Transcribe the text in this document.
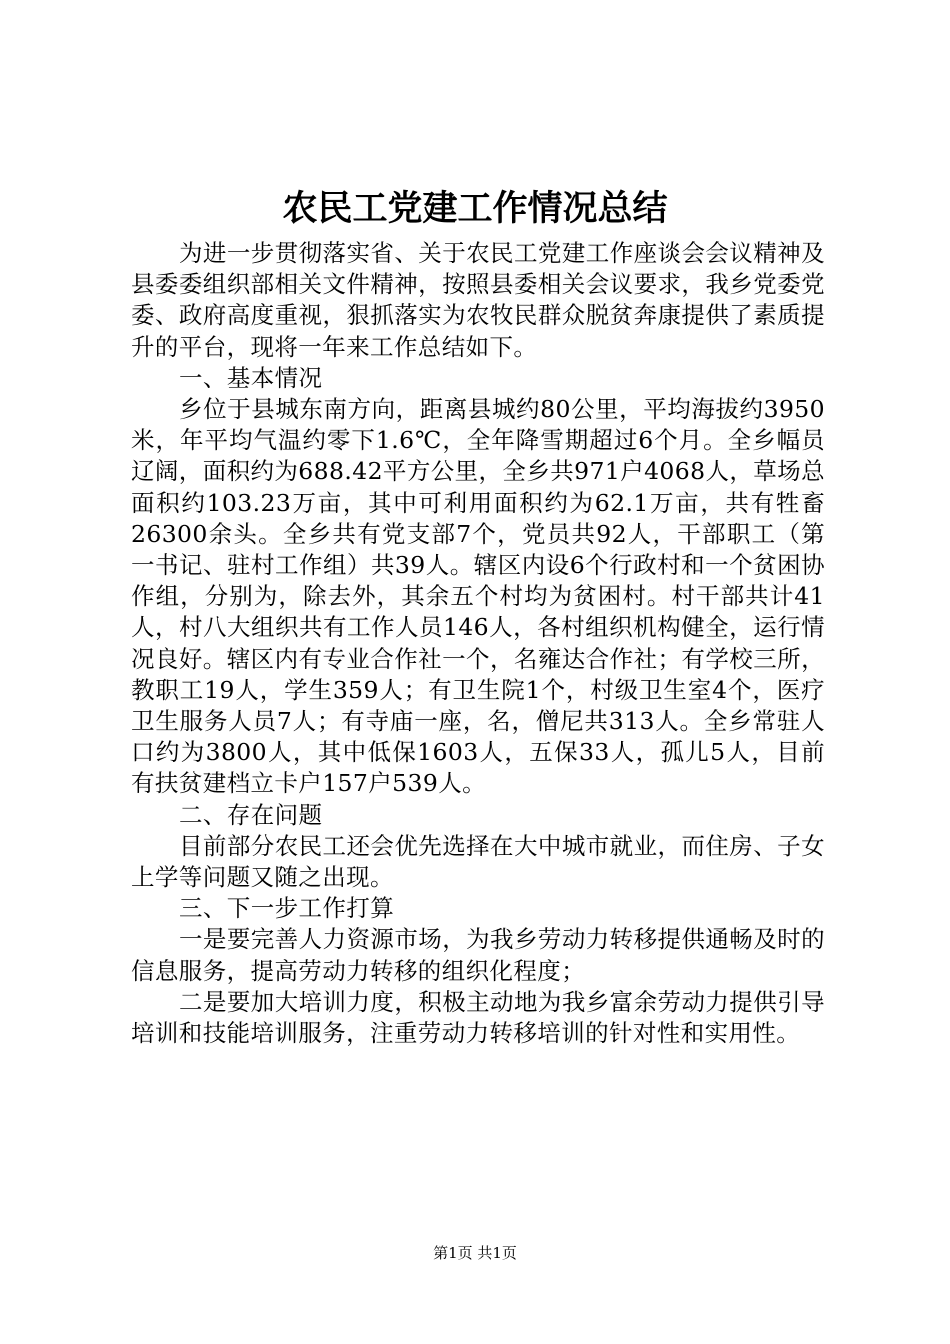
农民工党建工作情况总结

为进一步贯彻落实省、关于农民工党建工作座谈会会议精神及县委委组织部相关文件精神，按照县委相关会议要求，我乡党委党委、政府高度重视，狠抓落实为农牧民群众脱贫奔康提供了素质提升的平台，现将一年来工作总结如下。

一、基本情况

乡位于县城东南方向，距离县城约80公里，平均海拔约3950米，年平均气温约零下1.6℃，全年降雪期超过6个月。全乡幅员辽阔，面积约为688.42平方公里，全乡共971户4068人，草场总面积约103.23万亩，其中可利用面积约为62.1万亩，共有牲畜26300余头。全乡共有党支部7个，党员共92人，干部职工（第一书记、驻村工作组）共39人。辖区内设6个行政村和一个贫困协作组，分别为，除去外，其余五个村均为贫困村。村干部共计41人，村八大组织共有工作人员146人，各村组织机构健全，运行情况良好。辖区内有专业合作社一个，名雍达合作社；有学校三所，教职工19人，学生359人；有卫生院1个，村级卫生室4个，医疗卫生服务人员7人；有寺庙一座，名，僧尼共313人。全乡常驻人口约为3800人，其中低保1603人，五保33人，孤儿5人，目前有扶贫建档立卡户157户539人。

二、存在问题

目前部分农民工还会优先选择在大中城市就业，而住房、子女上学等问题又随之出现。

三、下一步工作打算

一是要完善人力资源市场，为我乡劳动力转移提供通畅及时的信息服务，提高劳动力转移的组织化程度；

二是要加大培训力度，积极主动地为我乡富余劳动力提供引导培训和技能培训服务，注重劳动力转移培训的针对性和实用性。

第1页 共1页
